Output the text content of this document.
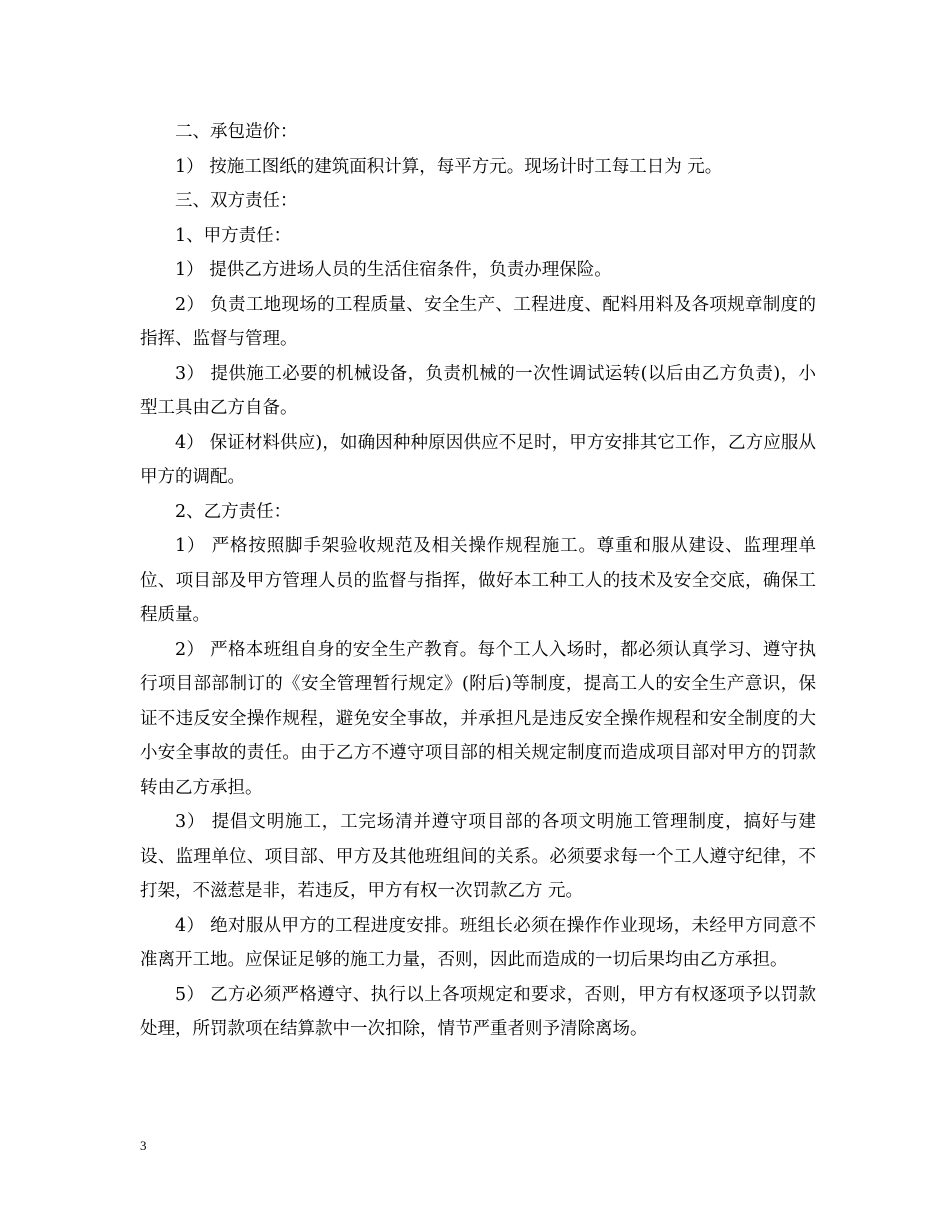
二、承包造价：

1） 按施工图纸的建筑面积计算，每平方元。现场计时工每工日为 元。

三、双方责任：

1、甲方责任：

1） 提供乙方进场人员的生活住宿条件，负责办理保险。

2） 负责工地现场的工程质量、安全生产、工程进度、配料用料及各项规章制度的指挥、监督与管理。

3） 提供施工必要的机械设备，负责机械的一次性调试运转(以后由乙方负责)，小型工具由乙方自备。

4） 保证材料供应)，如确因种种原因供应不足时，甲方安排其它工作，乙方应服从甲方的调配。

2、乙方责任：

1） 严格按照脚手架验收规范及相关操作规程施工。尊重和服从建设、监理理单位、项目部及甲方管理人员的监督与指挥，做好本工种工人的技术及安全交底，确保工程质量。

2） 严格本班组自身的安全生产教育。每个工人入场时，都必须认真学习、遵守执行项目部部制订的《安全管理暂行规定》(附后)等制度，提高工人的安全生产意识，保证不违反安全操作规程，避免安全事故，并承担凡是违反安全操作规程和安全制度的大小安全事故的责任。由于乙方不遵守项目部的相关规定制度而造成项目部对甲方的罚款转由乙方承担。

3） 提倡文明施工，工完场清并遵守项目部的各项文明施工管理制度，搞好与建设、监理单位、项目部、甲方及其他班组间的关系。必须要求每一个工人遵守纪律，不打架，不滋惹是非，若违反，甲方有权一次罚款乙方 元。

4） 绝对服从甲方的工程进度安排。班组长必须在操作作业现场，未经甲方同意不准离开工地。应保证足够的施工力量，否则，因此而造成的一切后果均由乙方承担。

5） 乙方必须严格遵守、执行以上各项规定和要求，否则，甲方有权逐项予以罚款处理，所罚款项在结算款中一次扣除，情节严重者则予清除离场。

3
